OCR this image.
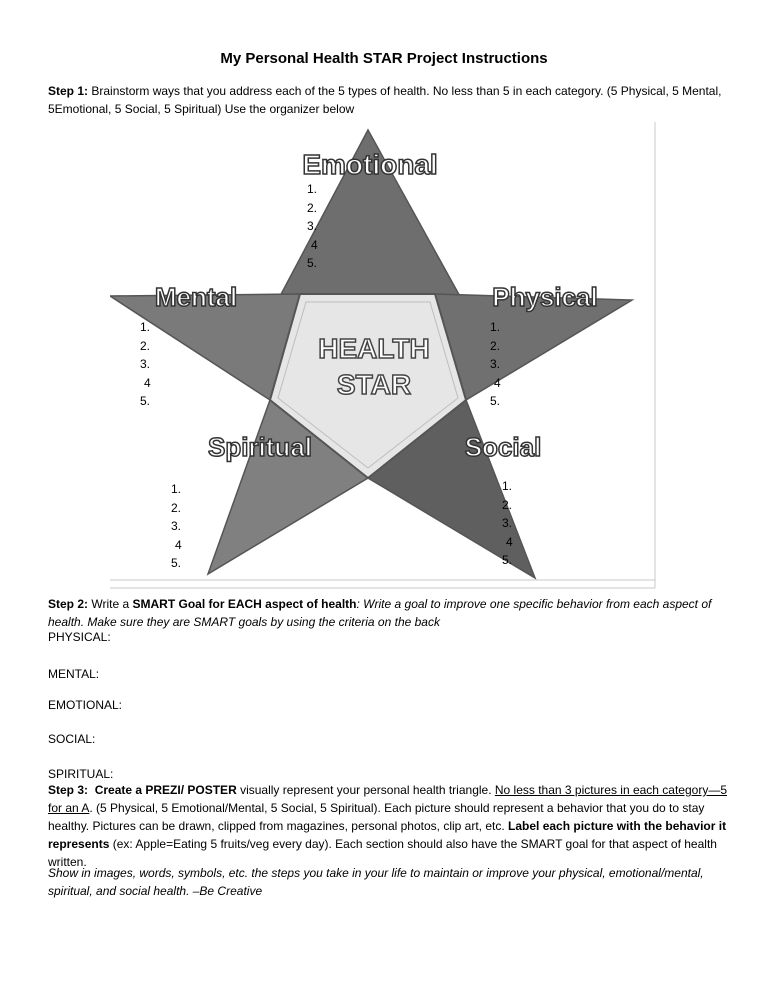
My Personal Health STAR Project Instructions
Step 1: Brainstorm ways that you address each of the 5 types of health. No less than 5 in each category. (5 Physical, 5 Mental, 5Emotional, 5 Social, 5 Spiritual) Use the organizer below
HEALTH
STAR
Emotional
Mental	Physical
Spiritual	Social
1.
2.
3.
4
5.
1.
2.
3.
4
5.
1.
2.
3.
4
5.
1.
2.
3.
4
5.
1.
2.
3.
4
5.
Step 2: Write a SMART Goal for EACH aspect of health: Write a goal to improve one specific behavior from each aspect of health. Make sure they are SMART goals by using the criteria on the back
PHYSICAL:
MENTAL:
EMOTIONAL:
SOCIAL:
SPIRITUAL:
Step 3: Create a PREZI/ POSTER visually represent your personal health triangle. No less than 3 pictures in each category—5 for an A. (5 Physical, 5 Emotional/Mental, 5 Social, 5 Spiritual). Each picture should represent a behavior that you do to stay healthy. Pictures can be drawn, clipped from magazines, personal photos, clip art, etc. Label each picture with the behavior it represents (ex: Apple=Eating 5 fruits/veg every day). Each section should also have the SMART goal for that aspect of health written.
Show in images, words, symbols, etc. the steps you take in your life to maintain or improve your physical, emotional/mental, spiritual, and social health. –Be Creative
